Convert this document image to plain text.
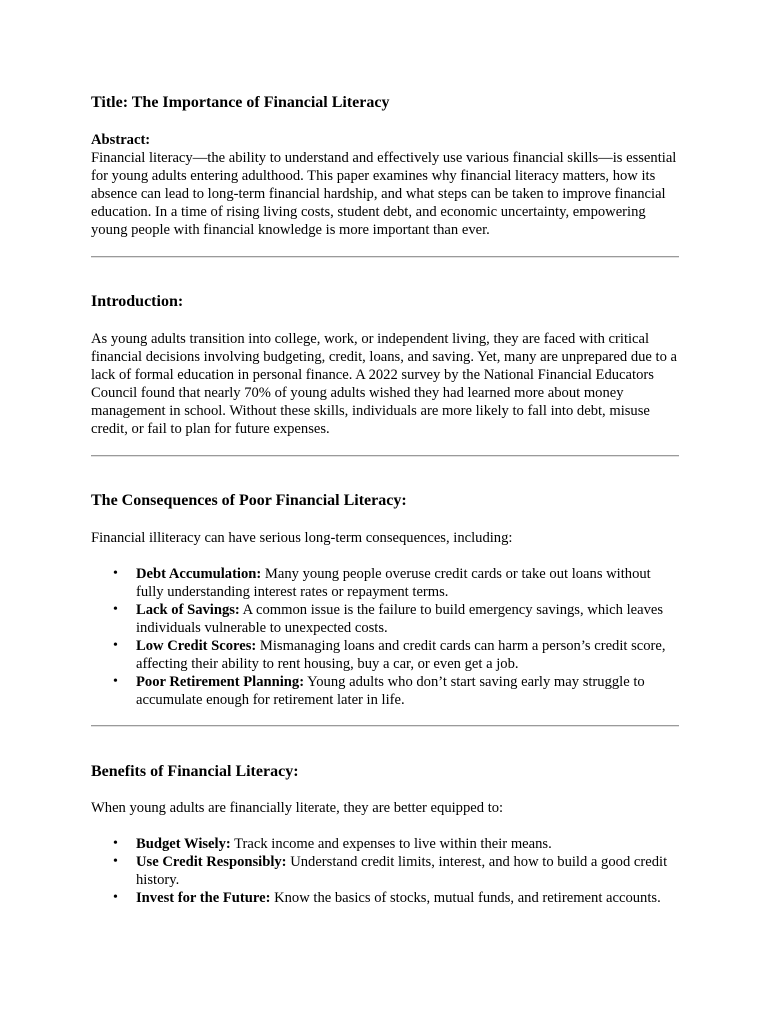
Title: The Importance of Financial Literacy
Abstract:

Financial literacy—the ability to understand and effectively use various financial skills—is essential for young adults entering adulthood. This paper examines why financial literacy matters, how its absence can lead to long-term financial hardship, and what steps can be taken to improve financial education. In a time of rising living costs, student debt, and economic uncertainty, empowering young people with financial knowledge is more important than ever.

Introduction:

As young adults transition into college, work, or independent living, they are faced with critical financial decisions involving budgeting, credit, loans, and saving. Yet, many are unprepared due to a lack of formal education in personal finance. A 2022 survey by the National Financial Educators Council found that nearly 70% of young adults wished they had learned more about money management in school. Without these skills, individuals are more likely to fall into debt, misuse credit, or fail to plan for future expenses.

The Consequences of Poor Financial Literacy:

Financial illiteracy can have serious long-term consequences, including:

• Debt Accumulation: Many young people overuse credit cards or take out loans without fully understanding interest rates or repayment terms.
• Lack of Savings: A common issue is the failure to build emergency savings, which leaves individuals vulnerable to unexpected costs.
• Low Credit Scores: Mismanaging loans and credit cards can harm a person’s credit score, affecting their ability to rent housing, buy a car, or even get a job.
• Poor Retirement Planning: Young adults who don’t start saving early may struggle to accumulate enough for retirement later in life.
Benefits of Financial Literacy:

When young adults are financially literate, they are better equipped to:

• Budget Wisely: Track income and expenses to live within their means.
• Use Credit Responsibly: Understand credit limits, interest, and how to build a good credit history.
• Invest for the Future: Know the basics of stocks, mutual funds, and retirement accounts.
